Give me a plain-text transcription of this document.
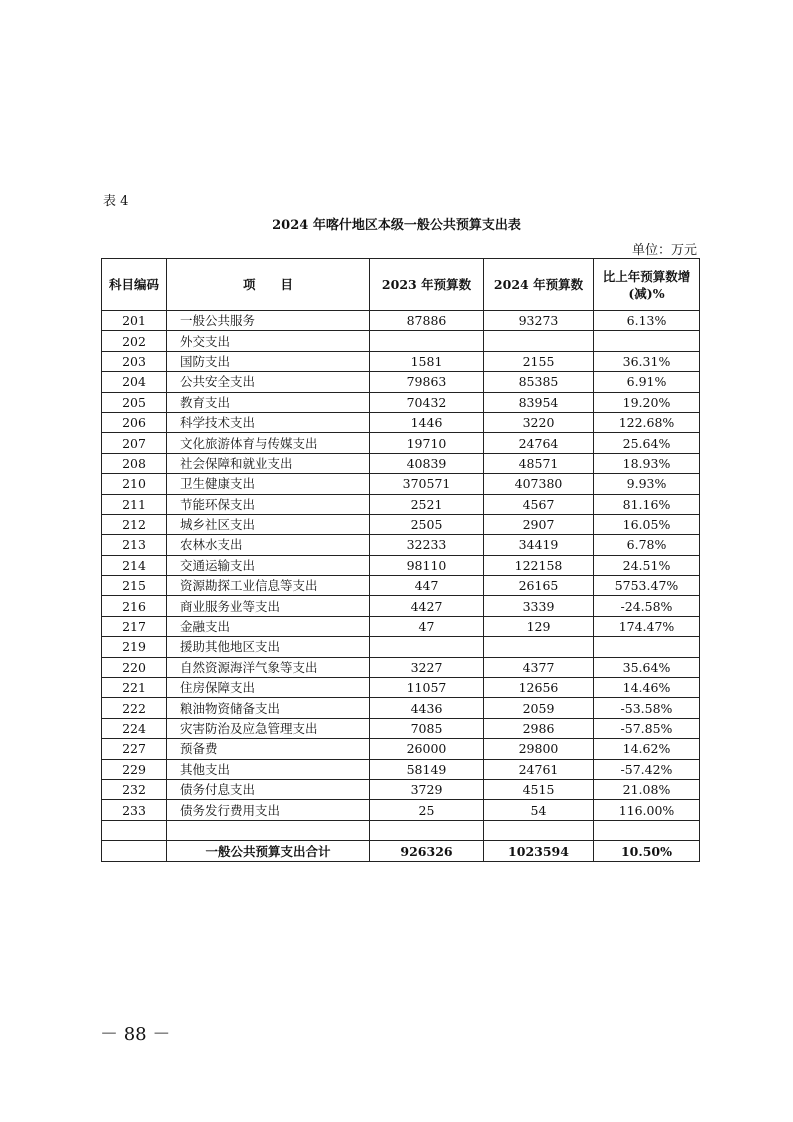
表 4
2024 年喀什地区本级一般公共预算支出表
单位：万元
科目编码	项　　目	2023 年预算数	2024 年预算数	比上年预算数增(减)%
201	一般公共服务	87886	93273	6.13%
202	外交支出			
203	国防支出	1581	2155	36.31%
204	公共安全支出	79863	85385	6.91%
205	教育支出	70432	83954	19.20%
206	科学技术支出	1446	3220	122.68%
207	文化旅游体育与传媒支出	19710	24764	25.64%
208	社会保障和就业支出	40839	48571	18.93%
210	卫生健康支出	370571	407380	9.93%
211	节能环保支出	2521	4567	81.16%
212	城乡社区支出	2505	2907	16.05%
213	农林水支出	32233	34419	6.78%
214	交通运输支出	98110	122158	24.51%
215	资源勘探工业信息等支出	447	26165	5753.47%
216	商业服务业等支出	4427	3339	-24.58%
217	金融支出	47	129	174.47%
219	援助其他地区支出			
220	自然资源海洋气象等支出	3227	4377	35.64%
221	住房保障支出	11057	12656	14.46%
222	粮油物资储备支出	4436	2059	-53.58%
224	灾害防治及应急管理支出	7085	2986	-57.85%
227	预备费	26000	29800	14.62%
229	其他支出	58149	24761	-57.42%
232	债务付息支出	3729	4515	21.08%
233	债务发行费用支出	25	54	116.00%

	一般公共预算支出合计	926326	1023594	10.50%
－ 88 －
